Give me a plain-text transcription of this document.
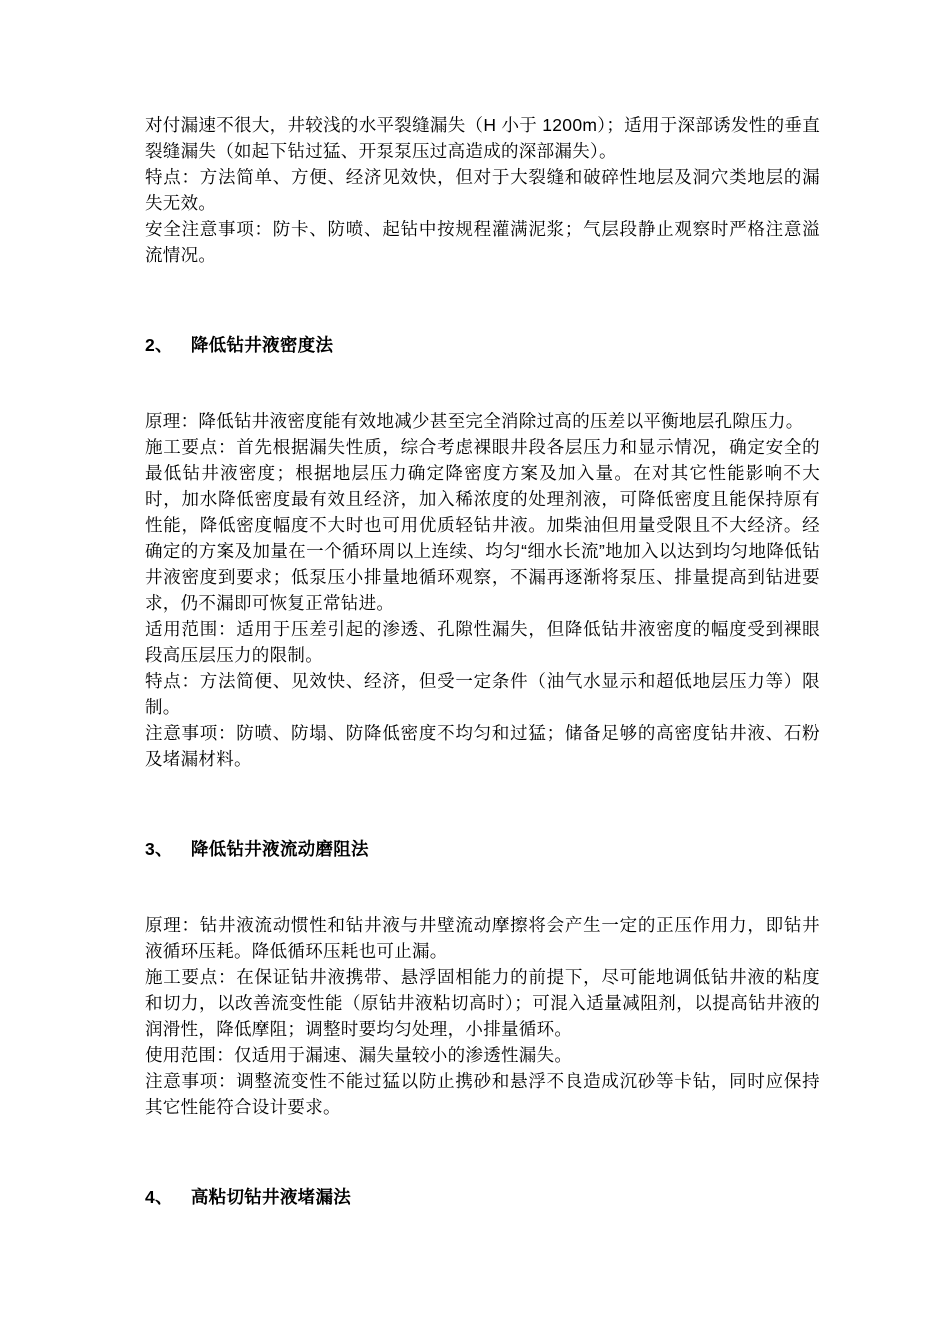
对付漏速不很大，井较浅的水平裂缝漏失（H 小于 1200m）；适用于深部诱发性的垂直裂缝漏失（如起下钻过猛、开泵泵压过高造成的深部漏失）。

特点：方法简单、方便、经济见效快，但对于大裂缝和破碎性地层及洞穴类地层的漏失无效。

安全注意事项：防卡、防喷、起钻中按规程灌满泥浆；气层段静止观察时严格注意溢流情况。

2、 降低钻井液密度法

原理：降低钻井液密度能有效地减少甚至完全消除过高的压差以平衡地层孔隙压力。

施工要点：首先根据漏失性质，综合考虑裸眼井段各层压力和显示情况，确定安全的最低钻井液密度；根据地层压力确定降密度方案及加入量。在对其它性能影响不大时，加水降低密度最有效且经济，加入稀浓度的处理剂液，可降低密度且能保持原有性能，降低密度幅度不大时也可用优质轻钻井液。加柴油但用量受限且不大经济。经确定的方案及加量在一个循环周以上连续、均匀“细水长流”地加入以达到均匀地降低钻井液密度到要求；低泵压小排量地循环观察，不漏再逐渐将泵压、排量提高到钻进要求，仍不漏即可恢复正常钻进。

适用范围：适用于压差引起的渗透、孔隙性漏失，但降低钻井液密度的幅度受到裸眼段高压层压力的限制。

特点：方法简便、见效快、经济，但受一定条件（油气水显示和超低地层压力等）限制。

注意事项：防喷、防塌、防降低密度不均匀和过猛；储备足够的高密度钻井液、石粉及堵漏材料。

3、 降低钻井液流动磨阻法

原理：钻井液流动惯性和钻井液与井壁流动摩擦将会产生一定的正压作用力，即钻井液循环压耗。降低循环压耗也可止漏。

施工要点：在保证钻井液携带、悬浮固相能力的前提下，尽可能地调低钻井液的粘度和切力，以改善流变性能（原钻井液粘切高时）；可混入适量减阻剂，以提高钻井液的润滑性，降低摩阻；调整时要均匀处理，小排量循环。

使用范围：仅适用于漏速、漏失量较小的渗透性漏失。

注意事项：调整流变性不能过猛以防止携砂和悬浮不良造成沉砂等卡钻，同时应保持其它性能符合设计要求。

4、 高粘切钻井液堵漏法
